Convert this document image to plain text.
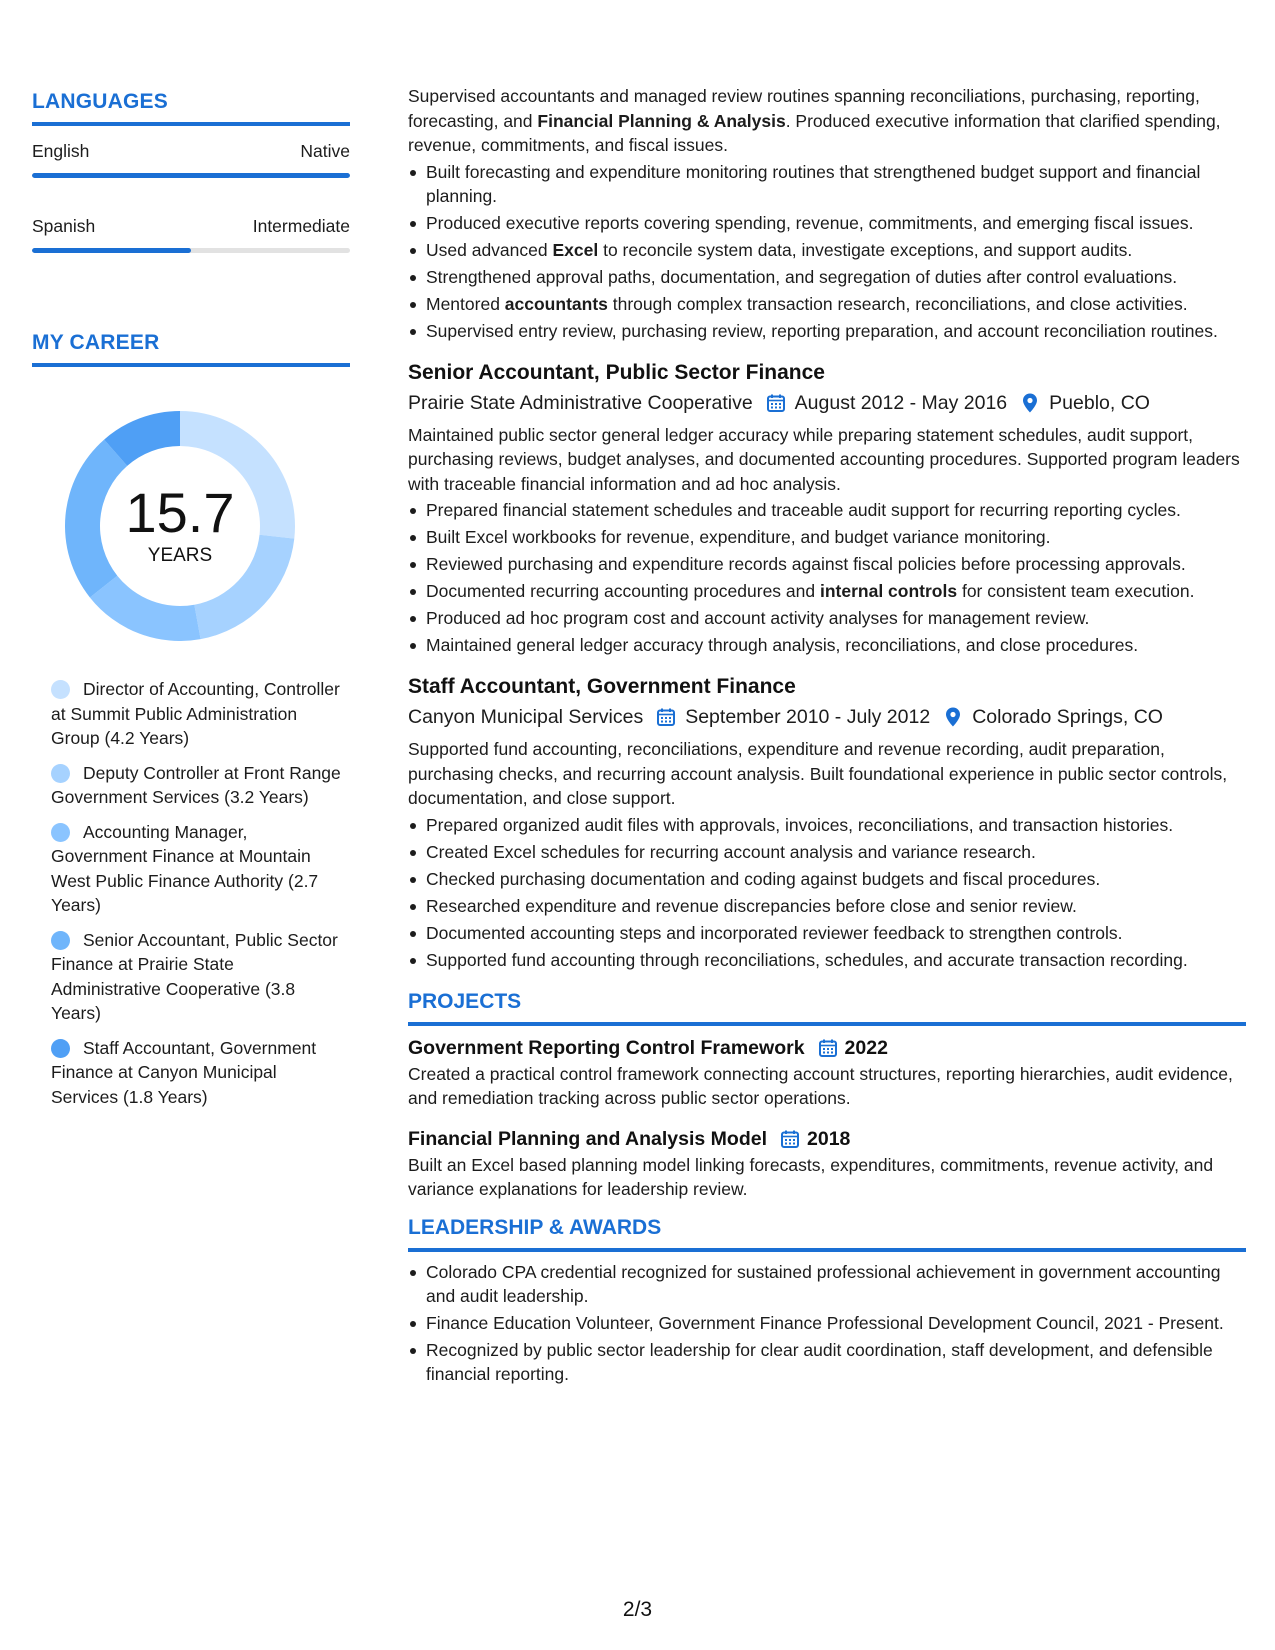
LANGUAGES
English	Native
Spanish	Intermediate
MY CAREER
15.7
YEARS
Director of Accounting, Controller at Summit Public Administration Group (4.2 Years)
Deputy Controller at Front Range Government Services (3.2 Years)
Accounting Manager, Government Finance at Mountain West Public Finance Authority (2.7 Years)
Senior Accountant, Public Sector Finance at Prairie State Administrative Cooperative (3.8 Years)
Staff Accountant, Government Finance at Canyon Municipal Services (1.8 Years)

Supervised accountants and managed review routines spanning reconciliations, purchasing, reporting, forecasting, and Financial Planning & Analysis. Produced executive information that clarified spending, revenue, commitments, and fiscal issues.

Built forecasting and expenditure monitoring routines that strengthened budget support and financial planning.
Produced executive reports covering spending, revenue, commitments, and emerging fiscal issues.
Used advanced Excel to reconcile system data, investigate exceptions, and support audits.
Strengthened approval paths, documentation, and segregation of duties after control evaluations.
Mentored accountants through complex transaction research, reconciliations, and close activities.
Supervised entry review, purchasing review, reporting preparation, and account reconciliation routines.
Senior Accountant, Public Sector Finance
Prairie State Administrative Cooperative August 2012 - May 2016 Pueblo, CO

Maintained public sector general ledger accuracy while preparing statement schedules, audit support, purchasing reviews, budget analyses, and documented accounting procedures. Supported program leaders with traceable financial information and ad hoc analysis.

Prepared financial statement schedules and traceable audit support for recurring reporting cycles.
Built Excel workbooks for revenue, expenditure, and budget variance monitoring.
Reviewed purchasing and expenditure records against fiscal policies before processing approvals.
Documented recurring accounting procedures and internal controls for consistent team execution.
Produced ad hoc program cost and account activity analyses for management review.
Maintained general ledger accuracy through analysis, reconciliations, and close procedures.
Staff Accountant, Government Finance
Canyon Municipal Services September 2010 - July 2012 Colorado Springs, CO

Supported fund accounting, reconciliations, expenditure and revenue recording, audit preparation, purchasing checks, and recurring account analysis. Built foundational experience in public sector controls, documentation, and close support.

Prepared organized audit files with approvals, invoices, reconciliations, and transaction histories.
Created Excel schedules for recurring account analysis and variance research.
Checked purchasing documentation and coding against budgets and fiscal procedures.
Researched expenditure and revenue discrepancies before close and senior review.
Documented accounting steps and incorporated reviewer feedback to strengthen controls.
Supported fund accounting through reconciliations, schedules, and accurate transaction recording.
PROJECTS
Government Reporting Control Framework 2022

Created a practical control framework connecting account structures, reporting hierarchies, audit evidence, and remediation tracking across public sector operations.

Financial Planning and Analysis Model 2018

Built an Excel based planning model linking forecasts, expenditures, commitments, revenue activity, and variance explanations for leadership review.

LEADERSHIP & AWARDS
Colorado CPA credential recognized for sustained professional achievement in government accounting and audit leadership.
Finance Education Volunteer, Government Finance Professional Development Council, 2021 - Present.
Recognized by public sector leadership for clear audit coordination, staff development, and defensible financial reporting.
2/3
